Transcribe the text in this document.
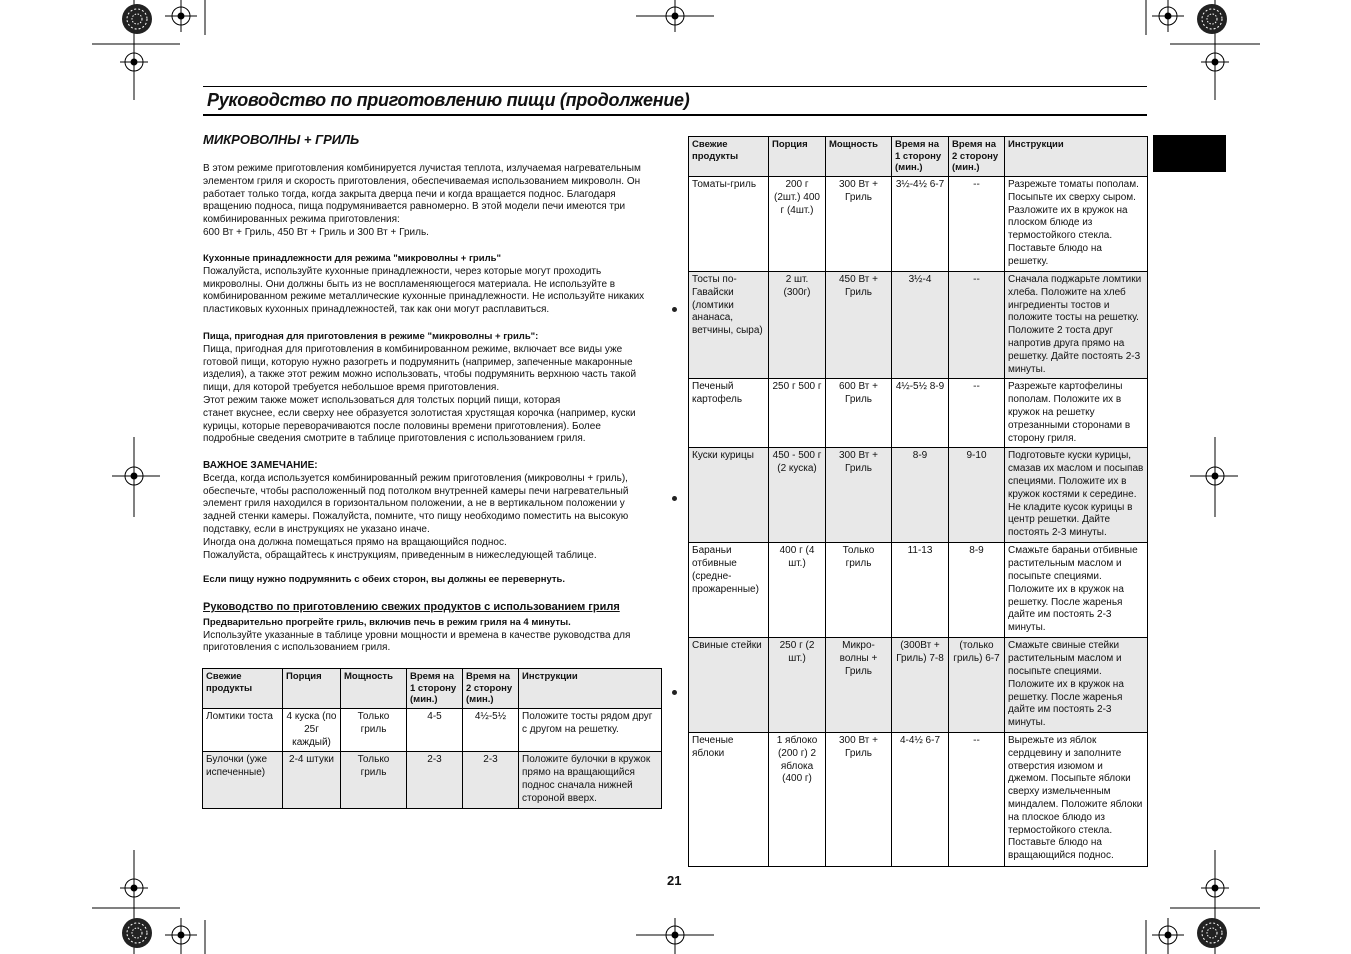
Руководство по приготовлению пищи (продолжение)
МИКРОВОЛНЫ + ГРИЛЬ

В этом режиме приготовления комбинируется лучистая теплота, излучаемая нагревательным

элементом гриля и скорость приготовления, обеспечиваемая использованием микроволн. Он

работает только тогда, когда закрыта дверца печи и когда вращается поднос. Благодаря

вращению подноса, пища подрумянивается равномерно. В этой модели печи имеются три

комбинированных режима приготовления:

600 Вт + Гриль, 450 Вт + Гриль и 300 Вт + Гриль.

Кухонные принадлежности для режима "микроволны + гриль"

Пожалуйста, используйте кухонные принадлежности, через которые могут проходить

микроволны. Они должны быть из не воспламеняющегося материала. Не используйте в

комбинированном режиме металлические кухонные принадлежности. Не используйте никаких

пластиковых кухонных принадлежностей, так как они могут расплавиться.

Пища, пригодная для приготовления в режиме "микроволны + гриль":

Пища, пригодная для приготовления в комбинированном режиме, включает все виды уже

готовой пищи, которую нужно разогреть и подрумянить (например, запеченные макаронные

изделия), а также этот режим можно использовать, чтобы подрумянить верхнюю часть такой

пищи, для которой требуется небольшое время приготовления.

Этот режим также может использоваться для толстых порций пищи, которая

станет вкуснее, если сверху нее образуется золотистая хрустящая корочка (например, куски

курицы, которые переворачиваются после половины времени приготовления). Более

подробные сведения смотрите в таблице приготовления с использованием гриля.

ВАЖНОЕ ЗАМЕЧАНИЕ:

Всегда, когда используется комбинированный режим приготовления (микроволны + гриль),

обеспечьте, чтобы расположенный под потолком внутренней камеры печи нагревательный

элемент гриля находился в горизонтальном положении, а не в вертикальном положении у

задней стенки камеры. Пожалуйста, помните, что пищу необходимо поместить на высокую

подставку, если в инструкциях не указано иначе.

Иногда она должна помещаться прямо на вращающийся поднос.

Пожалуйста, обращайтесь к инструкциям, приведенным в нижеследующей таблице.

Если пищу нужно подрумянить с обеих сторон, вы должны ее перевернуть.

Руководство по приготовлению свежих продуктов с использованием гриля

Предварительно прогрейте гриль, включив печь в режим гриля на 4 минуты.

Используйте указанные в таблице уровни мощности и времена в качестве руководства для

приготовления с использованием гриля.

Свежие продукты	Порция	Мощность	Время на 1 сторону (мин.)	Время на 2 сторону (мин.)	Инструкции
Ломтики тоста	4 куска (по 25г каждый)	Только гриль	4-5	4½-5½	Положите тосты рядом друг с другом на решетку.
Булочки (уже испеченные)	2-4 штуки	Только гриль	2-3	2-3	Положите булочки в кружок прямо на вращающийся поднос сначала нижней стороной вверх.
Свежие продукты	Порция	Мощность	Время на 1 сторону (мин.)	Время на 2 сторону (мин.)	Инструкции
Томаты-гриль	200 г (2шт.) 400 г (4шт.)	300 Вт + Гриль	3½-4½ 6-7	--	Разрежьте томаты пополам. Посыпьте их сверху сыром. Разложите их в кружок на плоском блюде из термостойкого стекла. Поставьте блюдо на решетку.
Тосты по-Гавайски (ломтики ананаса, ветчины, сыра)	2 шт. (300г)	450 Вт + Гриль	3½-4	--	Сначала поджарьте ломтики хлеба. Положите на хлеб ингредиенты тостов и положите тосты на решетку. Положите 2 тоста друг напротив друга прямо на решетку. Дайте постоять 2-3 минуты.
Печеный картофель	250 г 500 г	600 Вт + Гриль	4½-5½ 8-9	--	Разрежьте картофелины пополам. Положите их в кружок на решетку отрезанными сторонами в сторону гриля.
Куски курицы	450 - 500 г (2 куска)	300 Вт + Гриль	8-9	9-10	Подготовьте куски курицы, смазав их маслом и посыпав специями. Положите их в кружок костями к середине. Не кладите кусок курицы в центр решетки. Дайте постоять 2-3 минуты.
Бараньи отбивные (средне-прожаренные)	400 г (4 шт.)	Только гриль	11-13	8-9	Смажьте бараньи отбивные растительным маслом и посыпьте специями. Положите их в кружок на решетку. После жаренья дайте им постоять 2-3 минуты.
Свиные стейки	250 г (2 шт.)	Микро-волны + Гриль	(300Вт + Гриль) 7-8	(только гриль) 6-7	Смажьте свиные стейки растительным маслом и посыпьте специями. Положите их в кружок на решетку. После жаренья дайте им постоять 2-3 минуты.
Печеные яблоки	1 яблоко (200 г) 2 яблока (400 г)	300 Вт + Гриль	4-4½ 6-7	--	Вырежьте из яблок сердцевину и заполните отверстия изюмом и джемом. Посыпьте яблоки сверху измельченным миндалем. Положите яблоки на плоское блюдо из термостойкого стекла. Поставьте блюдо на вращающийся поднос.
21
